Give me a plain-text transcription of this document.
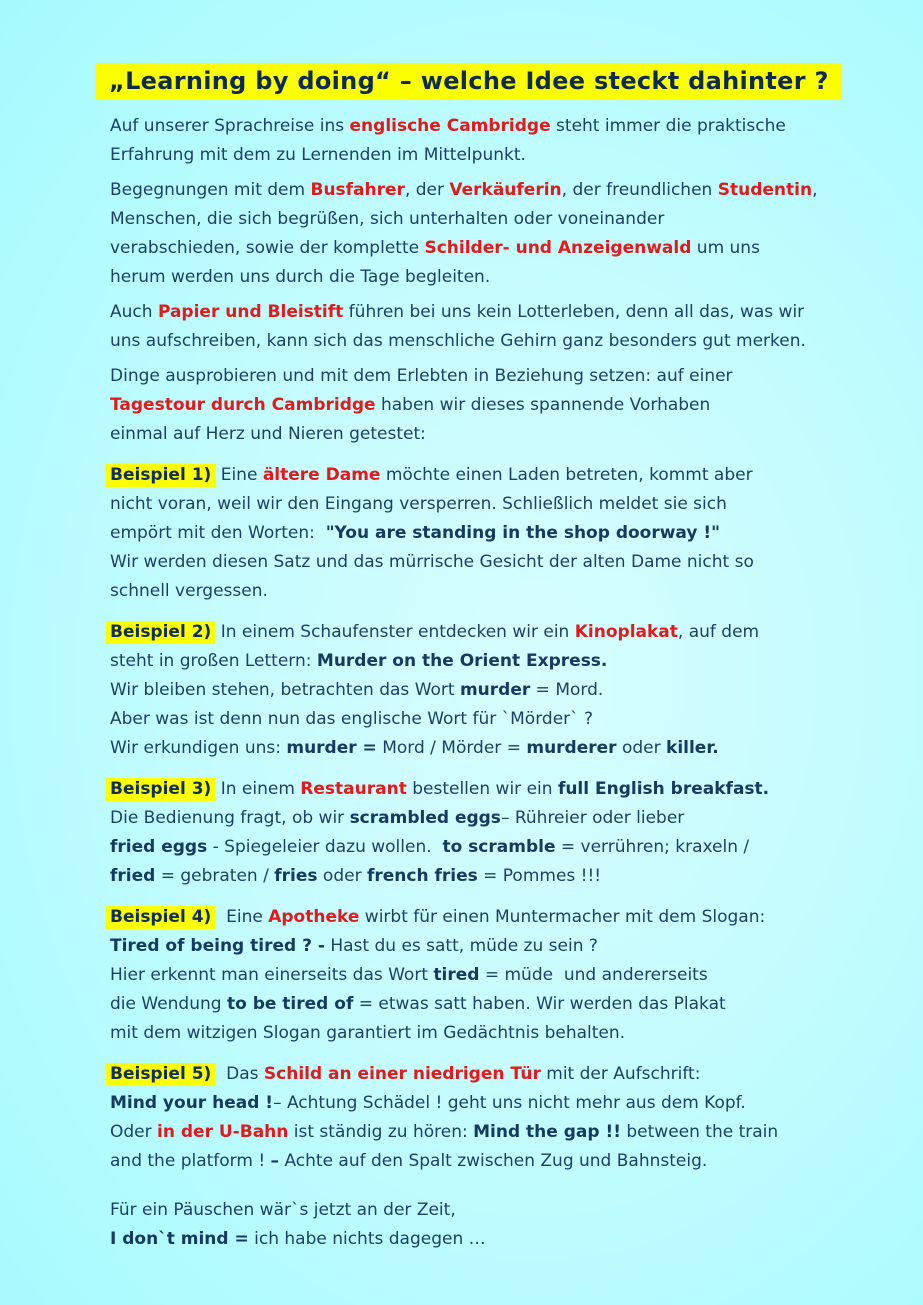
„Learning by doing“ – welche Idee steckt dahinter ?
Auf unserer Sprachreise ins englische Cambridge steht immer die praktische
Erfahrung mit dem zu Lernenden im Mittelpunkt.
Begegnungen mit dem Busfahrer, der Verkäuferin, der freundlichen Studentin,
Menschen, die sich begrüßen, sich unterhalten oder voneinander
verabschieden, sowie der komplette Schilder- und Anzeigenwald um uns
herum werden uns durch die Tage begleiten.
Auch Papier und Bleistift führen bei uns kein Lotterleben, denn all das, was wir
uns aufschreiben, kann sich das menschliche Gehirn ganz besonders gut merken.
Dinge ausprobieren und mit dem Erlebten in Beziehung setzen: auf einer
Tagestour durch Cambridge haben wir dieses spannende Vorhaben
einmal auf Herz und Nieren getestet:
Beispiel 1) Eine ältere Dame möchte einen Laden betreten, kommt aber
nicht voran, weil wir den Eingang versperren. Schließlich meldet sie sich
empört mit den Worten:  "You are standing in the shop doorway !"
Wir werden diesen Satz und das mürrische Gesicht der alten Dame nicht so
schnell vergessen.
Beispiel 2) In einem Schaufenster entdecken wir ein Kinoplakat, auf dem
steht in großen Lettern: Murder on the Orient Express.
Wir bleiben stehen, betrachten das Wort murder = Mord.
Aber was ist denn nun das englische Wort für `Mörder` ?
Wir erkundigen uns: murder = Mord / Mörder = murderer oder killer.
Beispiel 3) In einem Restaurant bestellen wir ein full English breakfast.
Die Bedienung fragt, ob wir scrambled eggs– Rühreier oder lieber
fried eggs - Spiegeleier dazu wollen.  to scramble = verrühren; kraxeln /
fried = gebraten / fries oder french fries = Pommes !!!
Beispiel 4)  Eine Apotheke wirbt für einen Muntermacher mit dem Slogan:
Tired of being tired ? - Hast du es satt, müde zu sein ?
Hier erkennt man einerseits das Wort tired = müde  und andererseits
die Wendung to be tired of = etwas satt haben. Wir werden das Plakat
mit dem witzigen Slogan garantiert im Gedächtnis behalten.
Beispiel 5)  Das Schild an einer niedrigen Tür mit der Aufschrift:
Mind your head !– Achtung Schädel ! geht uns nicht mehr aus dem Kopf.
Oder in der U-Bahn ist ständig zu hören: Mind the gap !! between the train
and the platform ! – Achte auf den Spalt zwischen Zug und Bahnsteig.
Für ein Päuschen wär`s jetzt an der Zeit,
I don`t mind = ich habe nichts dagegen …
